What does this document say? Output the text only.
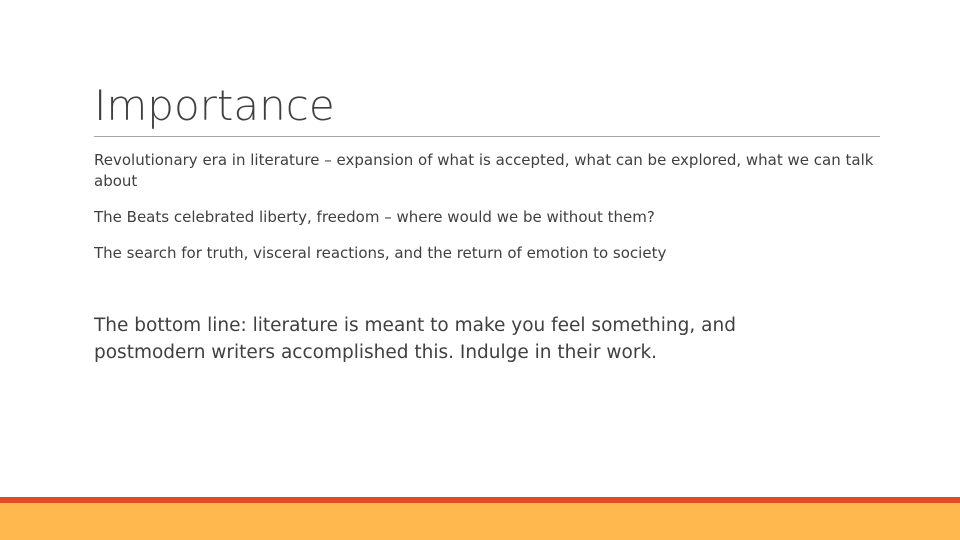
Importance
Revolutionary era in literature – expansion of what is accepted, what can be explored, what we can talk about
The Beats celebrated liberty, freedom – where would we be without them?
The search for truth, visceral reactions, and the return of emotion to society

The bottom line: literature is meant to make you feel something, and postmodern writers accomplished this. Indulge in their work.
